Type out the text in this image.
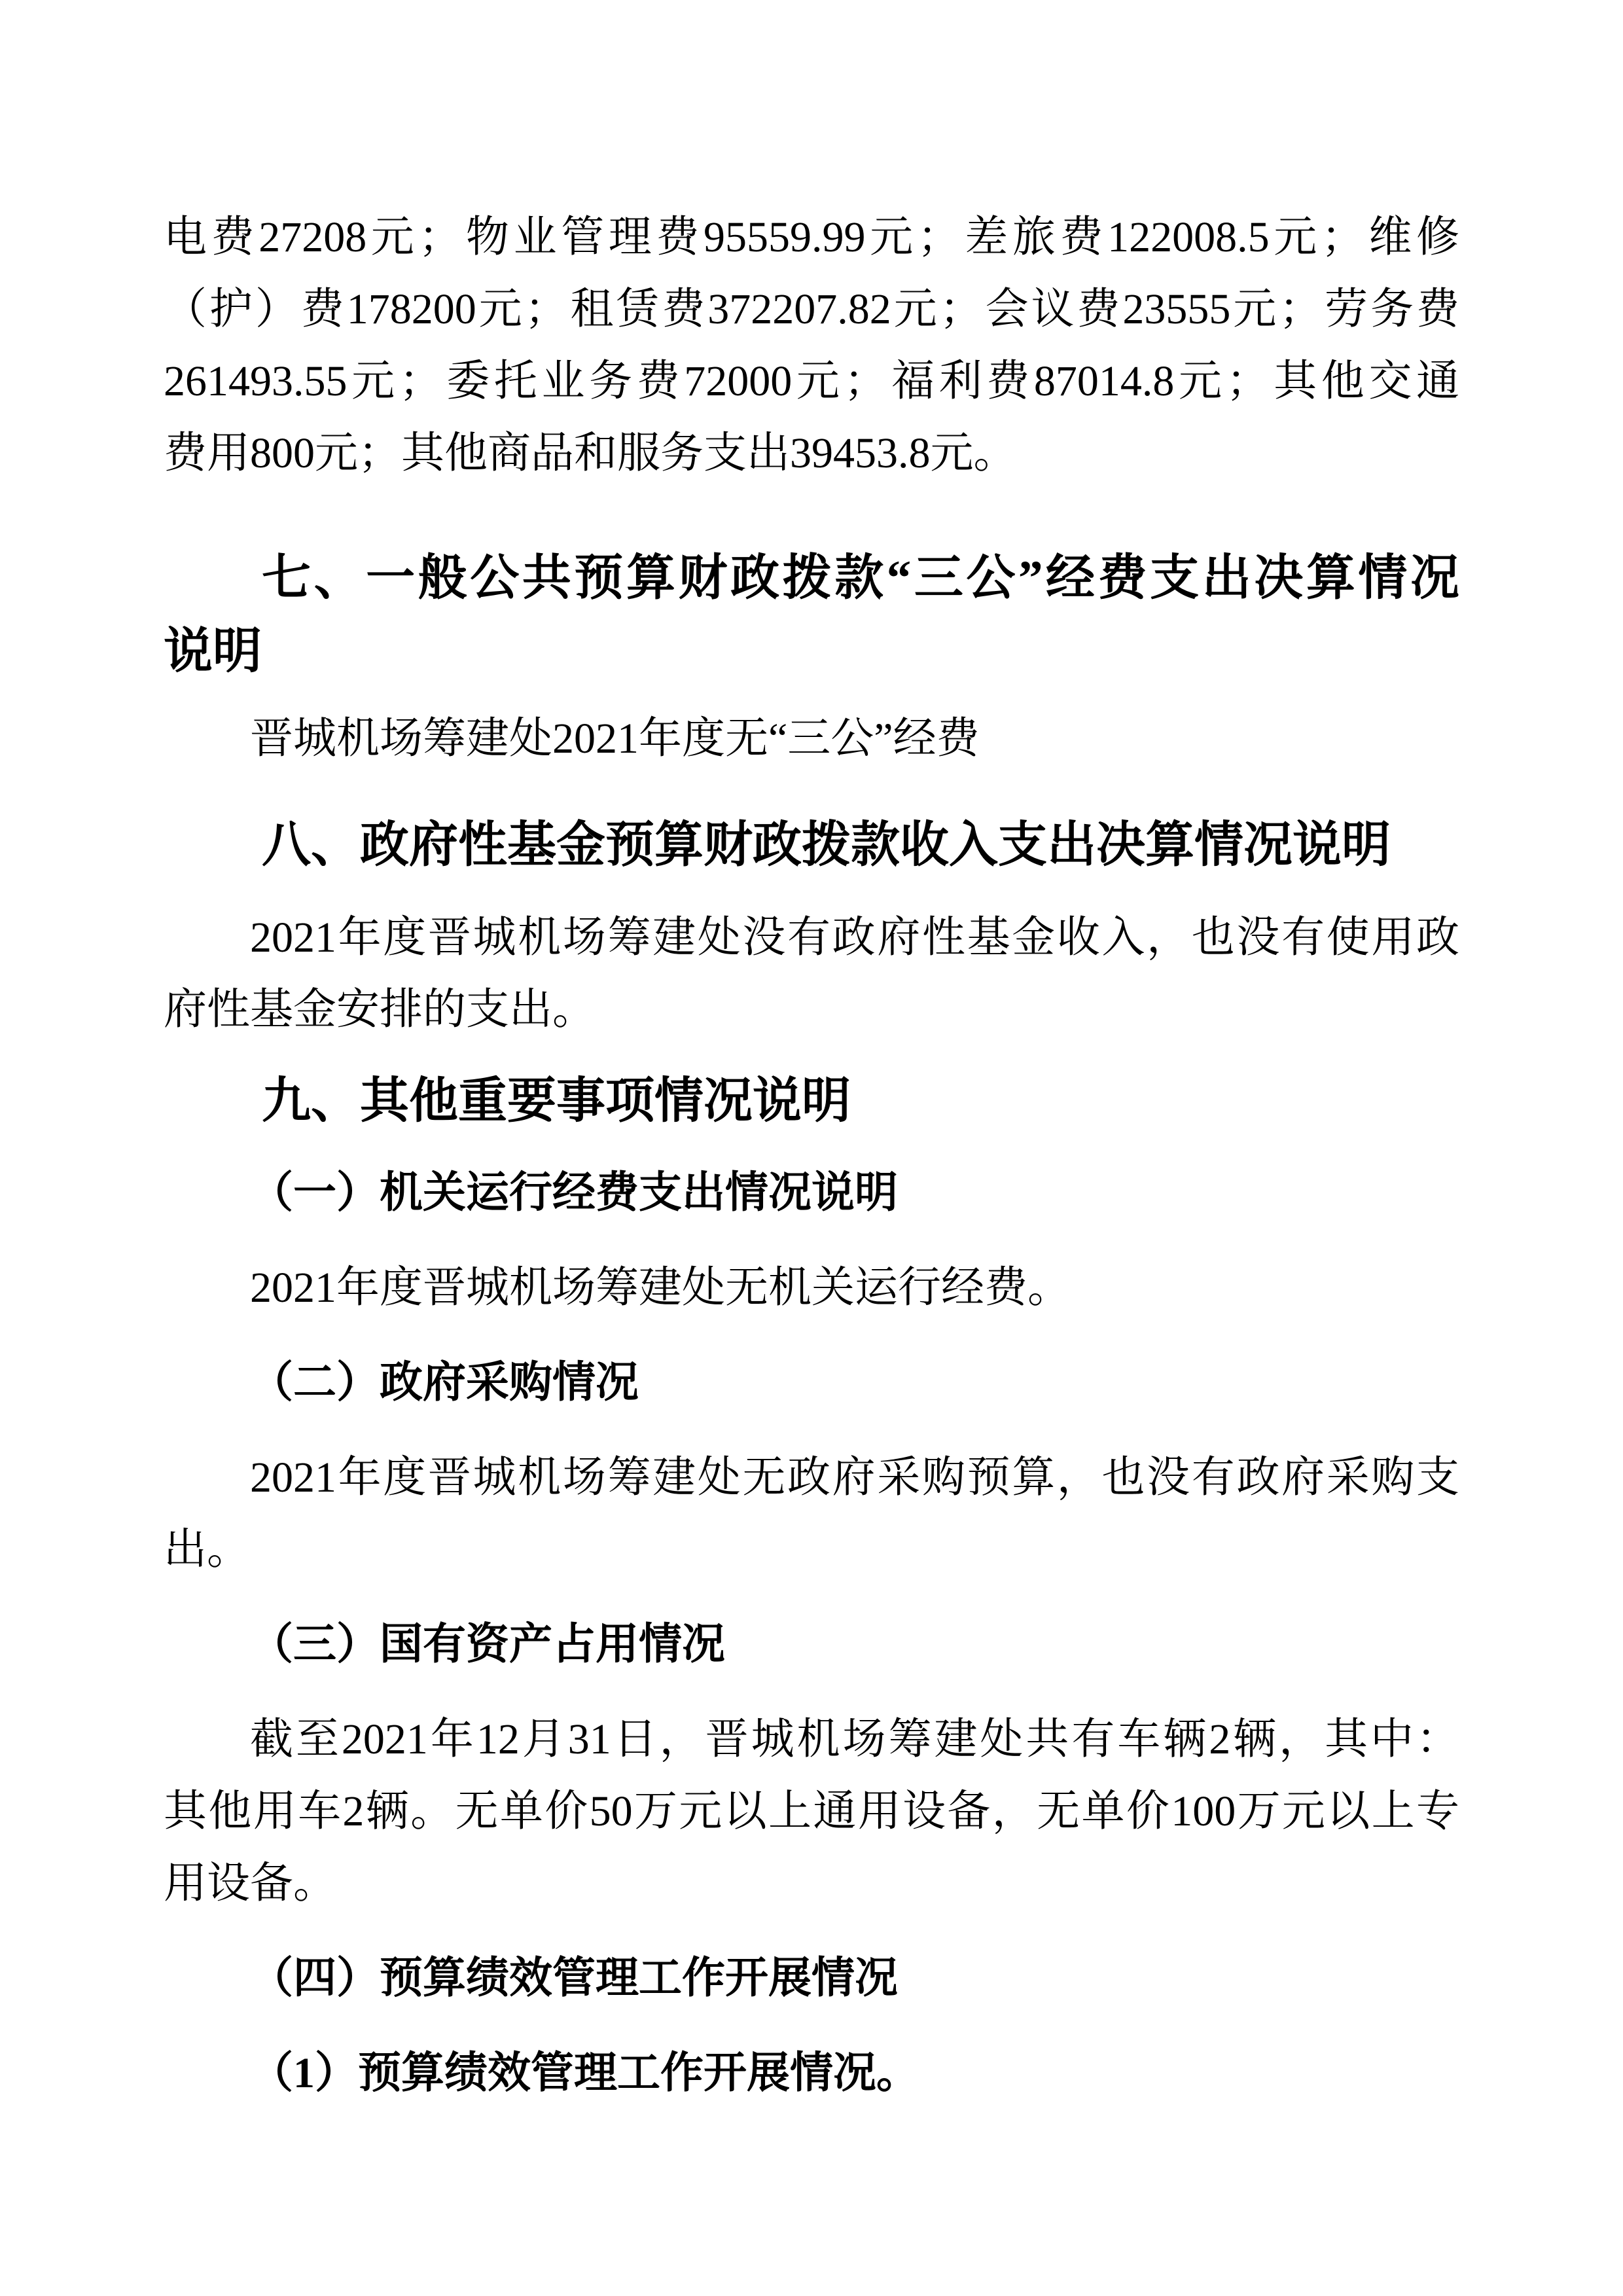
电费27208元；物业管理费95559.99元；差旅费122008.5元；维修
（护）费178200元；租赁费372207.82元；会议费23555元；劳务费
261493.55元；委托业务费72000元；福利费87014.8元；其他交通
费用800元；其他商品和服务支出39453.8元。
七、一般公共预算财政拨款“三公”经费支出决算情况
说明
晋城机场筹建处2021年度无“三公”经费
八、政府性基金预算财政拨款收入支出决算情况说明
2021年度晋城机场筹建处没有政府性基金收入，也没有使用政
府性基金安排的支出。
九、其他重要事项情况说明
（一）机关运行经费支出情况说明
2021年度晋城机场筹建处无机关运行经费。
（二）政府采购情况
2021年度晋城机场筹建处无政府采购预算，也没有政府采购支
出。
（三）国有资产占用情况
截至2021年12月31日，晋城机场筹建处共有车辆2辆，其中：
其他用车2辆。无单价50万元以上通用设备，无单价100万元以上专
用设备。
（四）预算绩效管理工作开展情况
（1）预算绩效管理工作开展情况。
